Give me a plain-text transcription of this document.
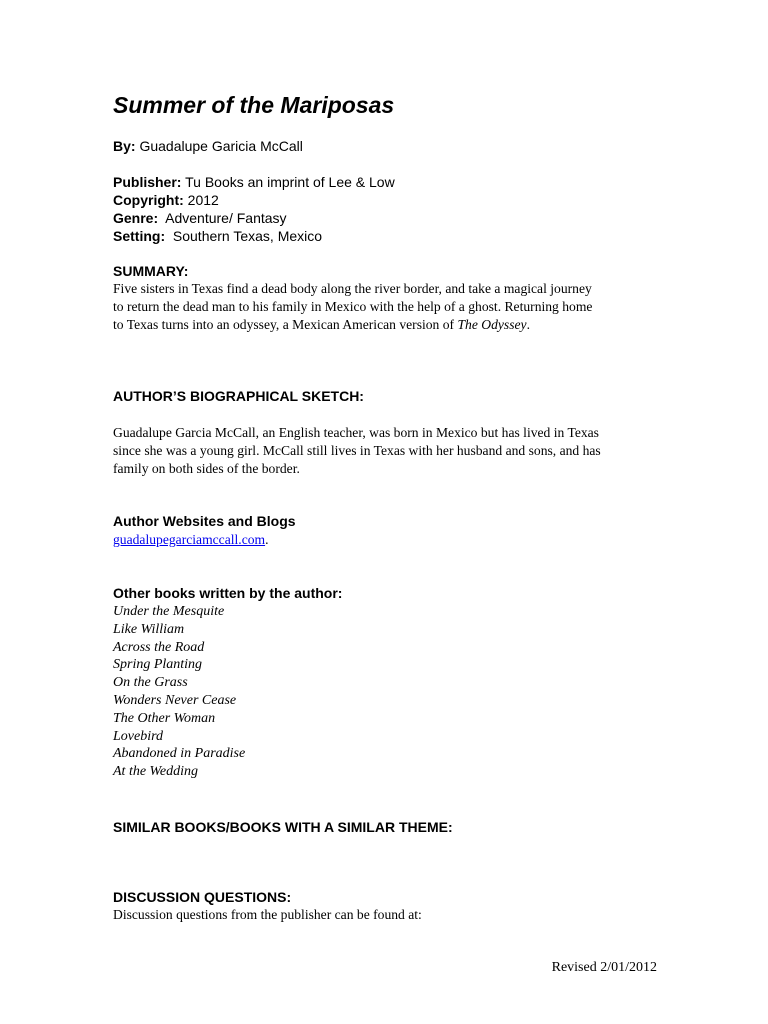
Summer of the Mariposas
By: Guadalupe Garicia McCall
Publisher: Tu Books an imprint of Lee & Low
Copyright: 2012
Genre: Adventure/ Fantasy
Setting: Southern Texas, Mexico
SUMMARY:
Five sisters in Texas find a dead body along the river border, and take a magical journey
to return the dead man to his family in Mexico with the help of a ghost. Returning home
to Texas turns into an odyssey, a Mexican American version of The Odyssey.
AUTHOR’S BIOGRAPHICAL SKETCH:
Guadalupe Garcia McCall, an English teacher, was born in Mexico but has lived in Texas
since she was a young girl. McCall still lives in Texas with her husband and sons, and has
family on both sides of the border.
Author Websites and Blogs
guadalupegarciamccall.com.
Other books written by the author:
Under the Mesquite
Like William
Across the Road
Spring Planting
On the Grass
Wonders Never Cease
The Other Woman
Lovebird
Abandoned in Paradise
At the Wedding
SIMILAR BOOKS/BOOKS WITH A SIMILAR THEME:
DISCUSSION QUESTIONS:
Discussion questions from the publisher can be found at:
Revised 2/01/2012
